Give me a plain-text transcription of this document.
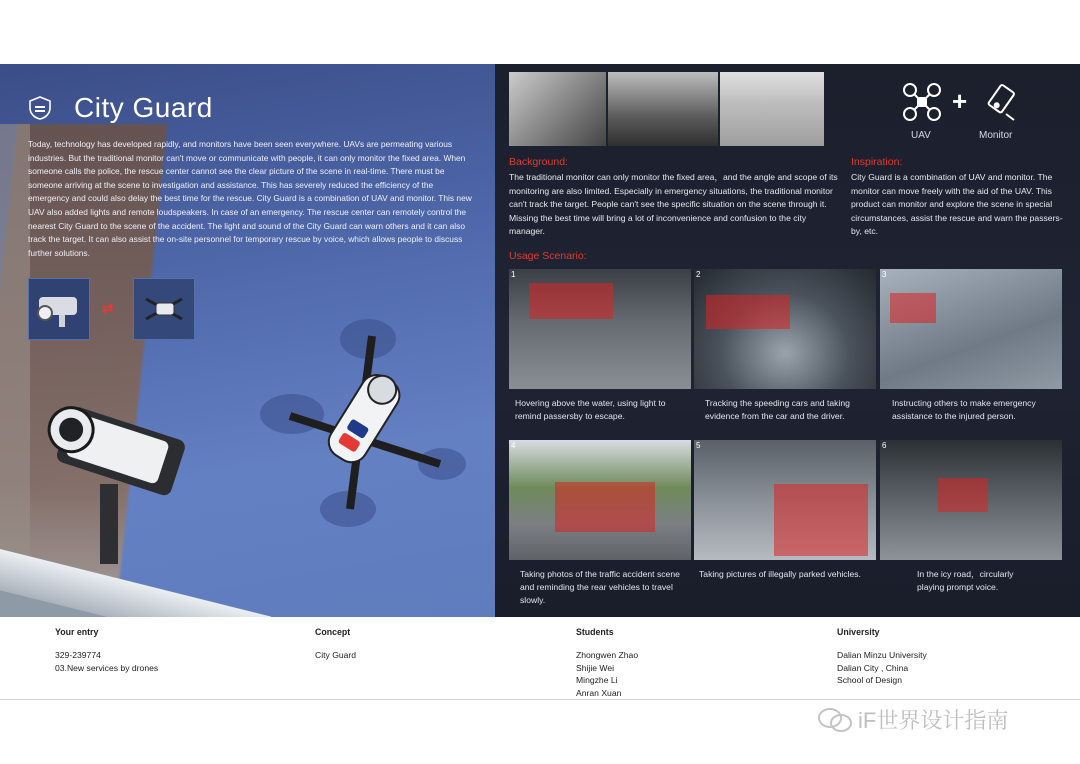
City Guard
Today, technology has developed rapidly, and monitors have been seen everywhere. UAVs are permeating various industries. But the traditional monitor can't move or communicate with people, it can only monitor the fixed area. When someone calls the police, the rescue center cannot see the clear picture of the scene in real-time. There must be someone arriving at the scene to investigation and assistance. This has severely reduced the efficiency of the emergency and could also delay the best time for the rescue. City Guard is a combination of UAV and monitor. This new UAV also added lights and remote loudspeakers. In case of an emergency. The rescue center can remotely control the nearest City Guard to the scene of the accident. The light and sound of the City Guard can warn others and it can also track the target. It can also assist the on-site personnel for temporary rescue by voice, which allows people to discuss further solutions.
⇄
+
UAV	Monitor
Background:
The traditional monitor can only monitor the fixed area，and the angle and scope of its monitoring are also limited. Especially in emergency situations, the traditional monitor can't track the target. People can't see the specific situation on the scene through it. Missing the best time will bring a lot of inconvenience and confusion to the city manager.
Inspiration:
City Guard is a combination of UAV and monitor. The monitor can move freely with the aid of the UAV. This product can monitor and explore the scene in special circumstances, assist the rescue and warn the passers-by, etc.
Usage Scenario:
1	2	3
Hovering above the water, using light to remind passersby to escape.
Tracking the speeding cars and taking evidence from the car and the driver.
Instructing others to make emergency assistance to the injured person.
4	5	6
Taking photos of the traffic accident scene and reminding the rear vehicles to travel slowly.
Taking pictures of illegally parked vehicles.	In the icy road，circularly playing prompt voice.
Your entry
329-239774
03.New services by drones
Concept
City Guard
Students
Zhongwen Zhao
Shijie Wei
Mingzhe Li
Anran Xuan
University
Dalian Minzu University
Dalian City , China
School of Design
iF世界设计指南
